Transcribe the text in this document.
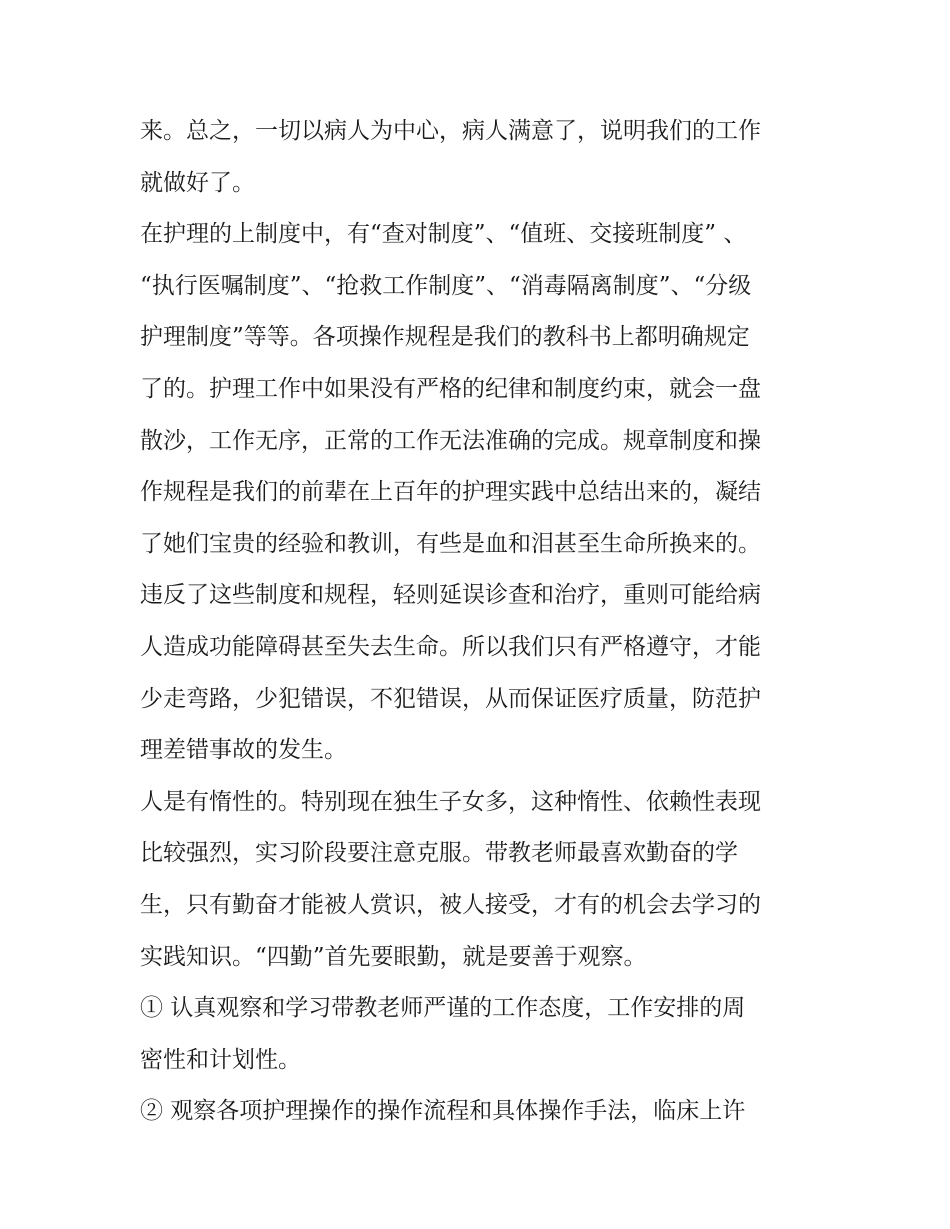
来。总之，一切以病人为中心，病人满意了，说明我们的工作
就做好了。
在护理的上制度中，有“查对制度”、“值班、交接班制度” 、
“执行医嘱制度”、“抢救工作制度”、“消毒隔离制度”、“分级
护理制度”等等。各项操作规程是我们的教科书上都明确规定
了的。护理工作中如果没有严格的纪律和制度约束，就会一盘
散沙，工作无序，正常的工作无法准确的完成。规章制度和操
作规程是我们的前辈在上百年的护理实践中总结出来的，凝结
了她们宝贵的经验和教训，有些是血和泪甚至生命所换来的。
违反了这些制度和规程，轻则延误诊查和治疗，重则可能给病
人造成功能障碍甚至失去生命。所以我们只有严格遵守，才能
少走弯路，少犯错误，不犯错误，从而保证医疗质量，防范护
理差错事故的发生。
人是有惰性的。特别现在独生子女多，这种惰性、依赖性表现
比较强烈，实习阶段要注意克服。带教老师最喜欢勤奋的学
生，只有勤奋才能被人赏识，被人接受，才有的机会去学习的
实践知识。“四勤”首先要眼勤，就是要善于观察。
① 认真观察和学习带教老师严谨的工作态度，工作安排的周
密性和计划性。
② 观察各项护理操作的操作流程和具体操作手法，临床上许
